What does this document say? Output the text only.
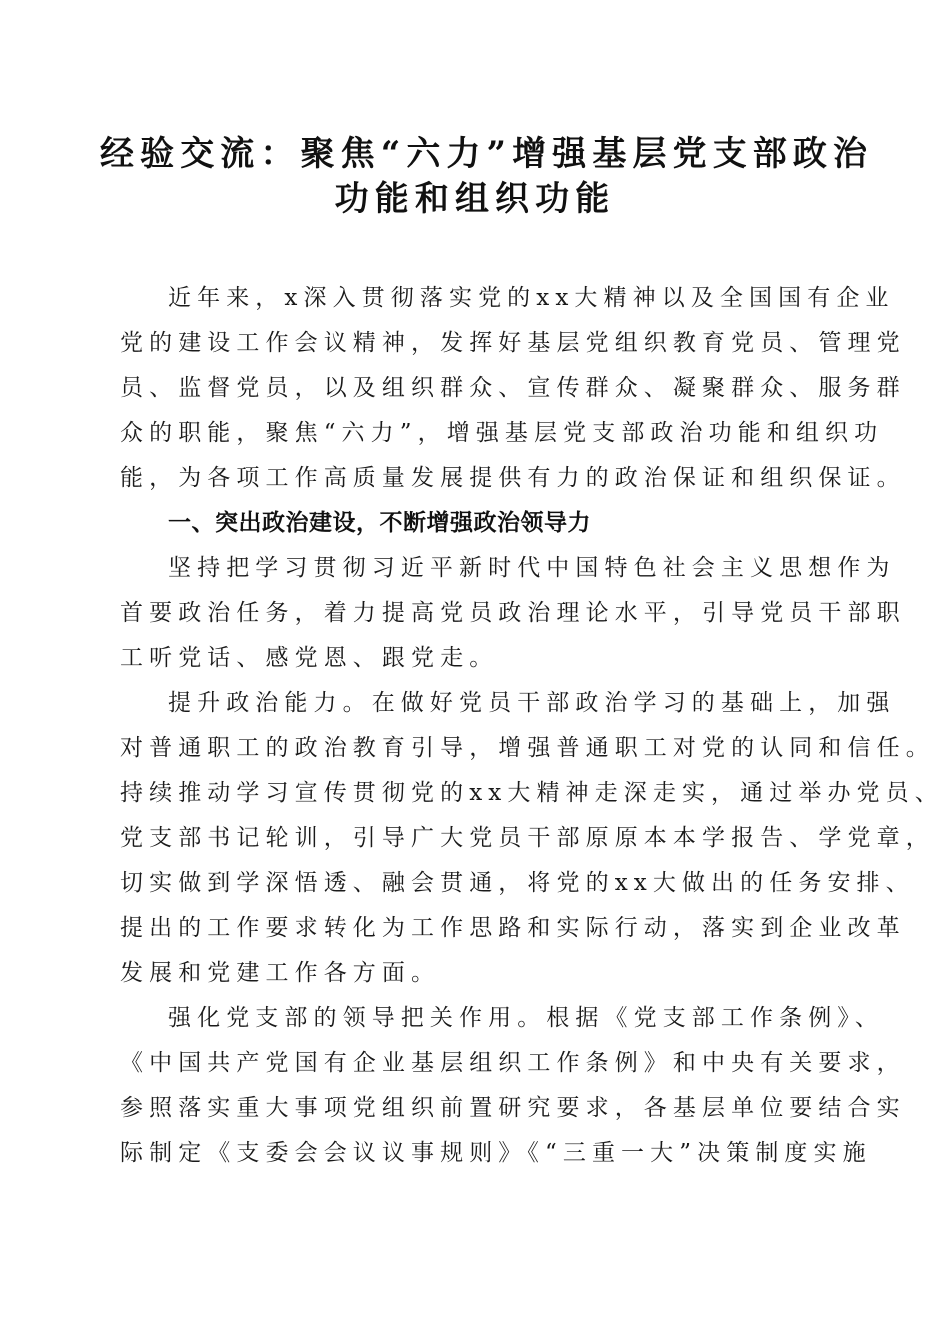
经验交流：聚焦“六力”增强基层党支部政治
功能和组织功能
近年来，x深入贯彻落实党的xx大精神以及全国国有企业
党的建设工作会议精神，发挥好基层党组织教育党员、管理党
员、监督党员，以及组织群众、宣传群众、凝聚群众、服务群
众的职能，聚焦“六力”，增强基层党支部政治功能和组织功
能，为各项工作高质量发展提供有力的政治保证和组织保证。
一、突出政治建设，不断增强政治领导力
坚持把学习贯彻习近平新时代中国特色社会主义思想作为
首要政治任务，着力提高党员政治理论水平，引导党员干部职
工听党话、感党恩、跟党走。
提升政治能力。在做好党员干部政治学习的基础上，加强
对普通职工的政治教育引导，增强普通职工对党的认同和信任。
持续推动学习宣传贯彻党的xx大精神走深走实，通过举办党员、
党支部书记轮训，引导广大党员干部原原本本学报告、学党章，
切实做到学深悟透、融会贯通，将党的xx大做出的任务安排、
提出的工作要求转化为工作思路和实际行动，落实到企业改革
发展和党建工作各方面。
强化党支部的领导把关作用。根据《党支部工作条例》、
《中国共产党国有企业基层组织工作条例》和中央有关要求，
参照落实重大事项党组织前置研究要求，各基层单位要结合实
际制定《支委会会议议事规则》《“三重一大”决策制度实施
